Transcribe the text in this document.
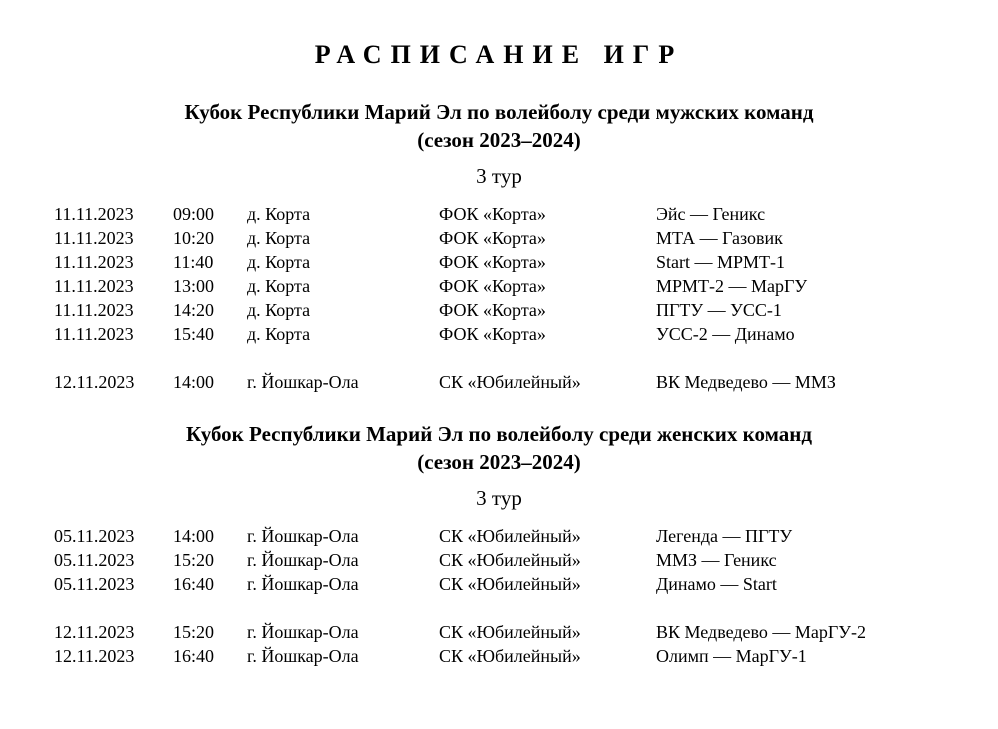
РАСПИСАНИЕ ИГР
Кубок Республики Марий Эл по волейболу среди мужских команд
(сезон 2023–2024)
3 тур
11.11.2023 09:00 д. Корта	ФОК «Корта»	Эйс — Геникс
11.11.2023 10:20 д. Корта	ФОК «Корта»	МТА — Газовик
11.11.2023 11:40 д. Корта	ФОК «Корта»	Start — МРМТ-1
11.11.2023 13:00 д. Корта	ФОК «Корта»	МРМТ-2 — МарГУ
11.11.2023 14:20 д. Корта	ФОК «Корта»	ПГТУ — УСС-1
11.11.2023 15:40 д. Корта	ФОК «Корта»	УСС-2 — Динамо
12.11.2023 14:00 г. Йошкар-Ола	СК «Юбилейный»	ВК Медведево — ММЗ
Кубок Республики Марий Эл по волейболу среди женских команд
(сезон 2023–2024)
3 тур
05.11.2023 14:00 г. Йошкар-Ола	СК «Юбилейный»	Легенда — ПГТУ
05.11.2023 15:20 г. Йошкар-Ола	СК «Юбилейный»	ММЗ — Геникс
05.11.2023 16:40 г. Йошкар-Ола	СК «Юбилейный»	Динамо — Start
12.11.2023 15:20 г. Йошкар-Ола	СК «Юбилейный»	ВК Медведево — МарГУ-2
12.11.2023 16:40 г. Йошкар-Ола	СК «Юбилейный»	Олимп — МарГУ-1
